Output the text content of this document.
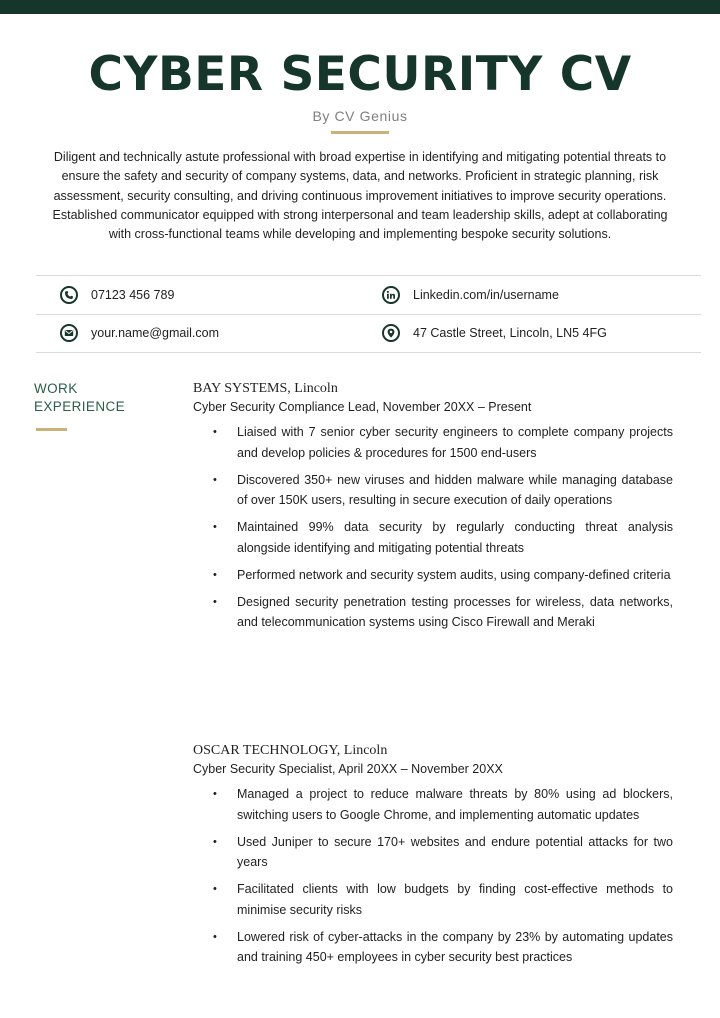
CYBER SECURITY CV
By CV Genius

Diligent and technically astute professional with broad expertise in identifying and mitigating potential threats to ensure the safety and security of company systems, data, and networks. Proficient in strategic planning, risk assessment, security consulting, and driving continuous improvement initiatives to improve security operations. Established communicator equipped with strong interpersonal and team leadership skills, adept at collaborating with cross-functional teams while developing and implementing bespoke security solutions.

07123 456 789	Linkedin.com/in/username
your.name@gmail.com	47 Castle Street, Lincoln, LN5 4FG
WORK
EXPERIENCE
BAY SYSTEMS, Lincoln
Cyber Security Compliance Lead, November 20XX – Present
• Liaised with 7 senior cyber security engineers to complete company projects and develop policies & procedures for 1500 end-users
• Discovered 350+ new viruses and hidden malware while managing database of over 150K users, resulting in secure execution of daily operations
• Maintained 99% data security by regularly conducting threat analysis alongside identifying and mitigating potential threats
• Performed network and security system audits, using company-defined criteria
• Designed security penetration testing processes for wireless, data networks, and telecommunication systems using Cisco Firewall and Meraki
OSCAR TECHNOLOGY, Lincoln
Cyber Security Specialist, April 20XX – November 20XX
• Managed a project to reduce malware threats by 80% using ad blockers, switching users to Google Chrome, and implementing automatic updates
• Used Juniper to secure 170+ websites and endure potential attacks for two years
• Facilitated clients with low budgets by finding cost-effective methods to minimise security risks
• Lowered risk of cyber-attacks in the company by 23% by automating updates and training 450+ employees in cyber security best practices
